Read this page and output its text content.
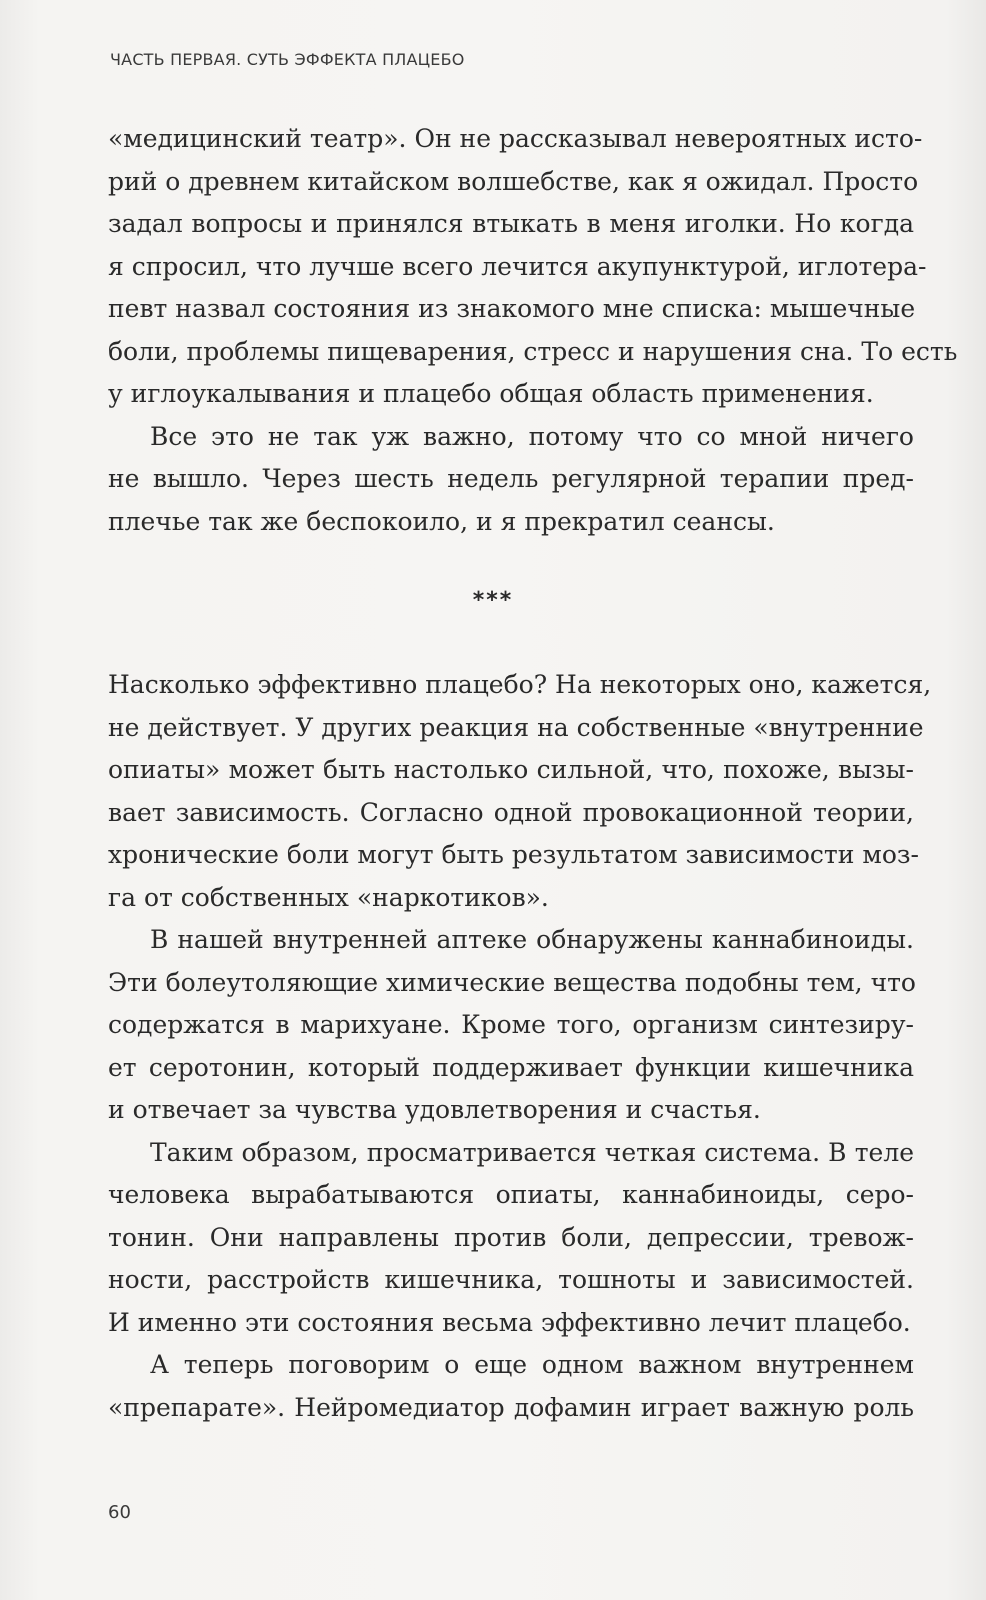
ЧАСТЬ ПЕРВАЯ. СУТЬ ЭФФЕКТА ПЛАЦЕБО
«медицинский театр». Он не рассказывал невероятных исто-
рий о древнем китайском волшебстве, как я ожидал. Просто
задал вопросы и принялся втыкать в меня иголки. Но когда
я спросил, что лучше всего лечится акупунктурой, иглотера-
певт назвал состояния из знакомого мне списка: мышечные
боли, проблемы пищеварения, стресс и нарушения сна. То есть
у иглоукалывания и плацебо общая область применения.
Все это не так уж важно, потому что со мной ничего
не вышло. Через шесть недель регулярной терапии пред-
плечье так же беспокоило, и я прекратил сеансы.
***
Насколько эффективно плацебо? На некоторых оно, кажется,
не действует. У других реакция на собственные «внутренние
опиаты» может быть настолько сильной, что, похоже, вызы-
вает зависимость. Согласно одной провокационной теории,
хронические боли могут быть результатом зависимости моз-
га от собственных «наркотиков».
В нашей внутренней аптеке обнаружены каннабиноиды.
Эти болеутоляющие химические вещества подобны тем, что
содержатся в марихуане. Кроме того, организм синтезиру-
ет серотонин, который поддерживает функции кишечника
и отвечает за чувства удовлетворения и счастья.
Таким образом, просматривается четкая система. В теле
человека вырабатываются опиаты, каннабиноиды, серо-
тонин. Они направлены против боли, депрессии, тревож-
ности, расстройств кишечника, тошноты и зависимостей.
И именно эти состояния весьма эффективно лечит плацебо.
А теперь поговорим о еще одном важном внутреннем
«препарате». Нейромедиатор дофамин играет важную роль
60
